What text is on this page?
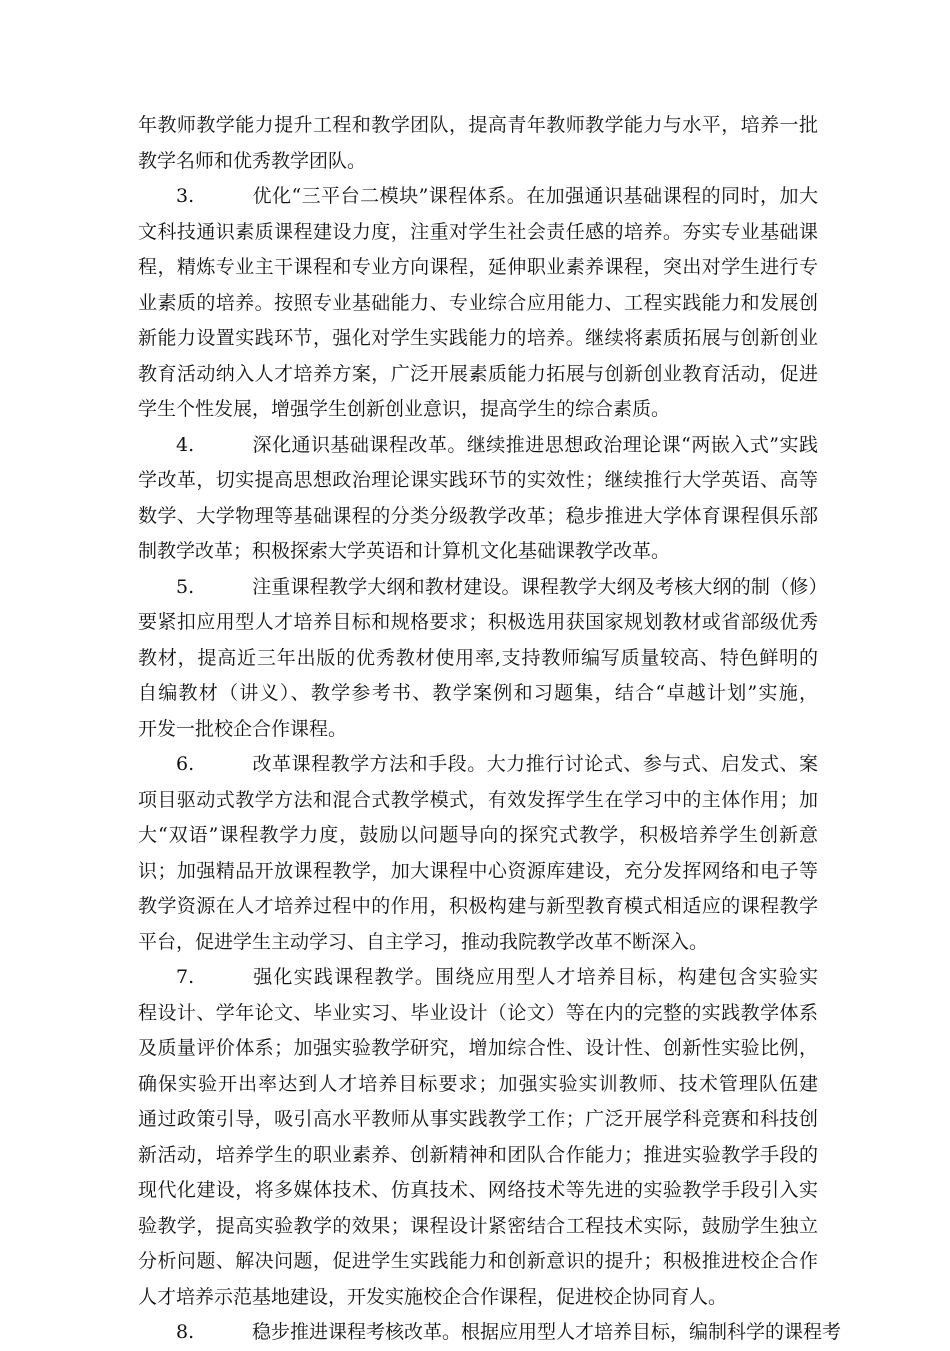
年教师教学能力提升工程和教学团队，提高青年教师教学能力与水平，培养一批
教学名师和优秀教学团队。
3.	优化“三平台二模块”课程体系。在加强通识基础课程的同时，加大
文科技通识素质课程建设力度，注重对学生社会责任感的培养。夯实专业基础课
程，精炼专业主干课程和专业方向课程，延伸职业素养课程，突出对学生进行专
业素质的培养。按照专业基础能力、专业综合应用能力、工程实践能力和发展创
新能力设置实践环节，强化对学生实践能力的培养。继续将素质拓展与创新创业
教育活动纳入人才培养方案，广泛开展素质能力拓展与创新创业教育活动，促进
学生个性发展，增强学生创新创业意识，提高学生的综合素质。
4.	深化通识基础课程改革。继续推进思想政治理论课“两嵌入式”实践
学改革，切实提高思想政治理论课实践环节的实效性；继续推行大学英语、高等
数学、大学物理等基础课程的分类分级教学改革；稳步推进大学体育课程俱乐部
制教学改革；积极探索大学英语和计算机文化基础课教学改革。
5.	注重课程教学大纲和教材建设。课程教学大纲及考核大纲的制（修）
要紧扣应用型人才培养目标和规格要求；积极选用获国家规划教材或省部级优秀
教材，提高近三年出版的优秀教材使用率,支持教师编写质量较高、特色鲜明的
自编教材（讲义）、教学参考书、教学案例和习题集，结合“卓越计划”实施，
开发一批校企合作课程。
6.	改革课程教学方法和手段。大力推行讨论式、参与式、启发式、案
项目驱动式教学方法和混合式教学模式，有效发挥学生在学习中的主体作用；加
大“双语”课程教学力度，鼓励以问题导向的探究式教学，积极培养学生创新意
识；加强精品开放课程教学，加大课程中心资源库建设，充分发挥网络和电子等
教学资源在人才培养过程中的作用，积极构建与新型教育模式相适应的课程教学
平台，促进学生主动学习、自主学习，推动我院教学改革不断深入。
7.	强化实践课程教学。围绕应用型人才培养目标，构建包含实验实
程设计、学年论文、毕业实习、毕业设计（论文）等在内的完整的实践教学体系
及质量评价体系；加强实验教学研究，增加综合性、设计性、创新性实验比例，
确保实验开出率达到人才培养目标要求；加强实验实训教师、技术管理队伍建
通过政策引导，吸引高水平教师从事实践教学工作；广泛开展学科竞赛和科技创
新活动，培养学生的职业素养、创新精神和团队合作能力；推进实验教学手段的
现代化建设，将多媒体技术、仿真技术、网络技术等先进的实验教学手段引入实
验教学，提高实验教学的效果；课程设计紧密结合工程技术实际，鼓励学生独立
分析问题、解决问题，促进学生实践能力和创新意识的提升；积极推进校企合作
人才培养示范基地建设，开发实施校企合作课程，促进校企协同育人。
8.	稳步推进课程考核改革。根据应用型人才培养目标，编制科学的课程考
